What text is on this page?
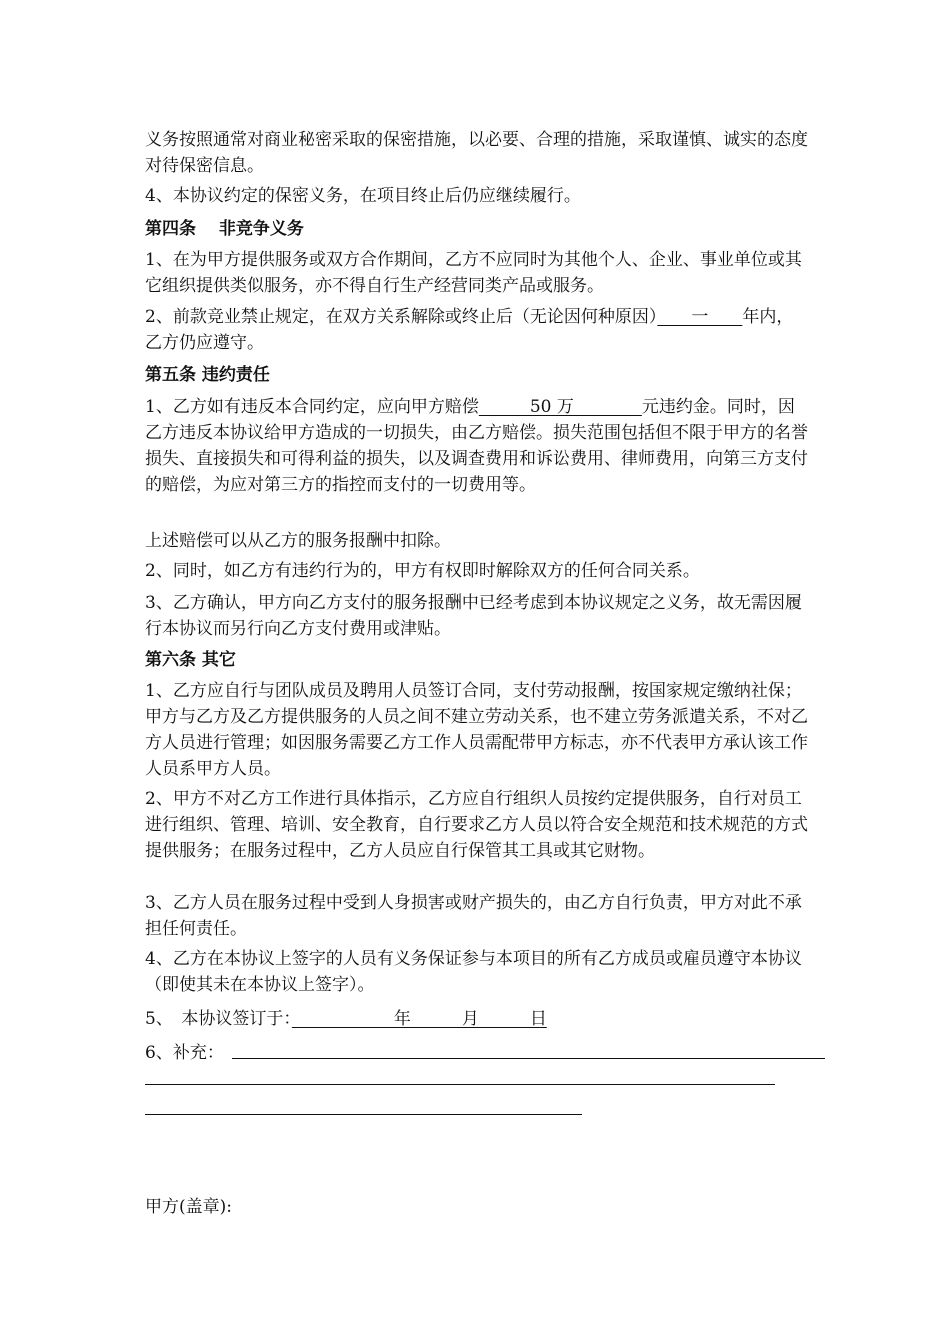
义务按照通常对商业秘密采取的保密措施，以必要、合理的措施，采取谨慎、诚实的态度对待保密信息。

4、本协议约定的保密义务，在项目终止后仍应继续履行。

第四条 　非竞争义务

1、在为甲方提供服务或双方合作期间，乙方不应同时为其他个人、企业、事业单位或其它组织提供类似服务，亦不得自行生产经营同类产品或服务。

2、前款竞业禁止规定，在双方关系解除或终止后（无论因何种原因）　　一　　年内，乙方仍应遵守。

第五条 违约责任

1、乙方如有违反本合同约定，应向甲方赔偿　　　50 万　　　　元违约金。同时，因乙方违反本协议给甲方造成的一切损失，由乙方赔偿。损失范围包括但不限于甲方的名誉损失、直接损失和可得利益的损失，以及调查费用和诉讼费用、律师费用，向第三方支付的赔偿，为应对第三方的指控而支付的一切费用等。

上述赔偿可以从乙方的服务报酬中扣除。

2、同时，如乙方有违约行为的，甲方有权即时解除双方的任何合同关系。

3、乙方确认，甲方向乙方支付的服务报酬中已经考虑到本协议规定之义务，故无需因履行本协议而另行向乙方支付费用或津贴。

第六条 其它

1、乙方应自行与团队成员及聘用人员签订合同，支付劳动报酬，按国家规定缴纳社保；甲方与乙方及乙方提供服务的人员之间不建立劳动关系，也不建立劳务派遣关系，不对乙方人员进行管理；如因服务需要乙方工作人员需配带甲方标志，亦不代表甲方承认该工作人员系甲方人员。

2、甲方不对乙方工作进行具体指示，乙方应自行组织人员按约定提供服务，自行对员工进行组织、管理、培训、安全教育，自行要求乙方人员以符合安全规范和技术规范的方式提供服务；在服务过程中，乙方人员应自行保管其工具或其它财物。

3、乙方人员在服务过程中受到人身损害或财产损失的，由乙方自行负责，甲方对此不承担任何责任。

4、乙方在本协议上签字的人员有义务保证参与本项目的所有乙方成员或雇员遵守本协议（即使其未在本协议上签字）。

5、　本协议签订于：　　　　　　年　　　月　　　日

6、补充：

甲方(盖章):
